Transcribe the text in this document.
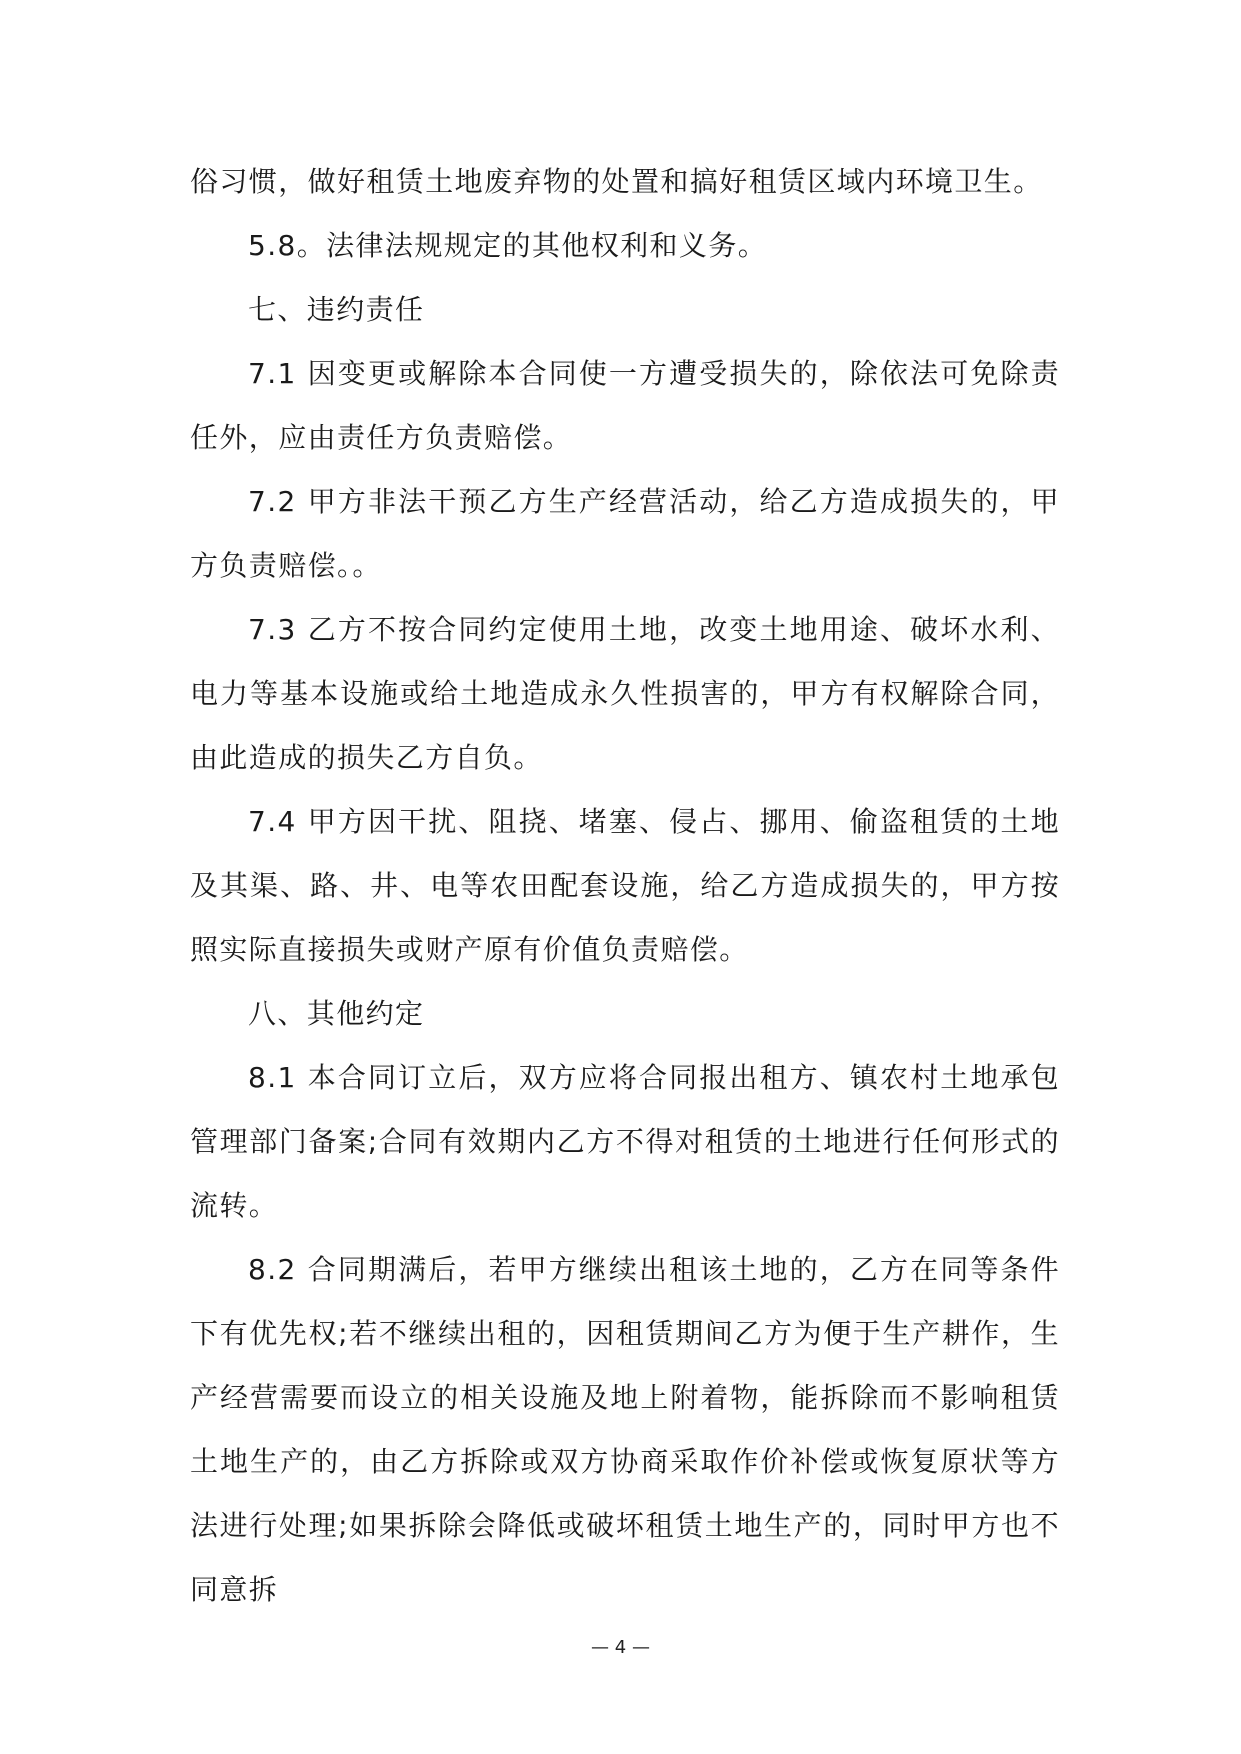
俗习惯，做好租赁土地废弃物的处置和搞好租赁区域内环境卫生。

5.8。法律法规规定的其他权利和义务。

七、违约责任

7.1 因变更或解除本合同使一方遭受损失的，除依法可免除责任外，应由责任方负责赔偿。

7.2 甲方非法干预乙方生产经营活动，给乙方造成损失的，甲方负责赔偿。。

7.3 乙方不按合同约定使用土地，改变土地用途、破坏水利、电力等基本设施或给土地造成永久性损害的，甲方有权解除合同，由此造成的损失乙方自负。

7.4 甲方因干扰、阻挠、堵塞、侵占、挪用、偷盗租赁的土地及其渠、路、井、电等农田配套设施，给乙方造成损失的，甲方按照实际直接损失或财产原有价值负责赔偿。

八、其他约定

8.1 本合同订立后，双方应将合同报出租方、镇农村土地承包管理部门备案;合同有效期内乙方不得对租赁的土地进行任何形式的流转。

8.2 合同期满后，若甲方继续出租该土地的，乙方在同等条件下有优先权;若不继续出租的，因租赁期间乙方为便于生产耕作，生产经营需要而设立的相关设施及地上附着物，能拆除而不影响租赁土地生产的，由乙方拆除或双方协商采取作价补偿或恢复原状等方法进行处理;如果拆除会降低或破坏租赁土地生产的，同时甲方也不同意拆

— 4 —
